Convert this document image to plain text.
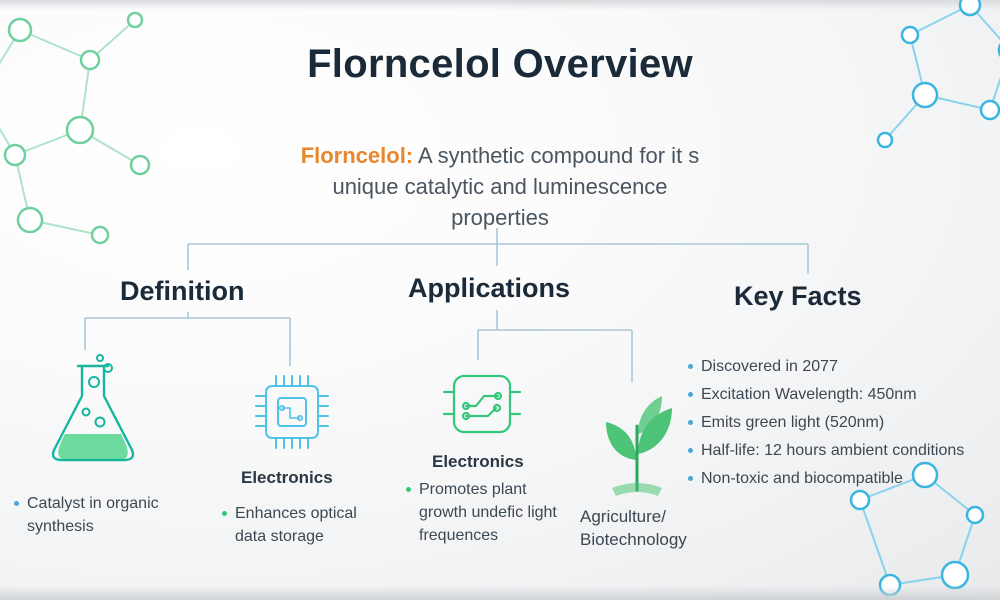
Florncelol Overview
Florncelol: A synthetic compound for it s unique catalytic and luminescence properties
Definition	Applications	Key Facts
Electronics
Electronics
Agriculture/ Biotechnology
Catalyst in organic synthesis
Enhances optical data storage
Promotes plant growth undefic light frequences
Discovered in 2077
Excitation Wavelength: 450nm
Emits green light (520nm)
Half-life: 12 hours ambient conditions
Non-toxic and biocompatible
